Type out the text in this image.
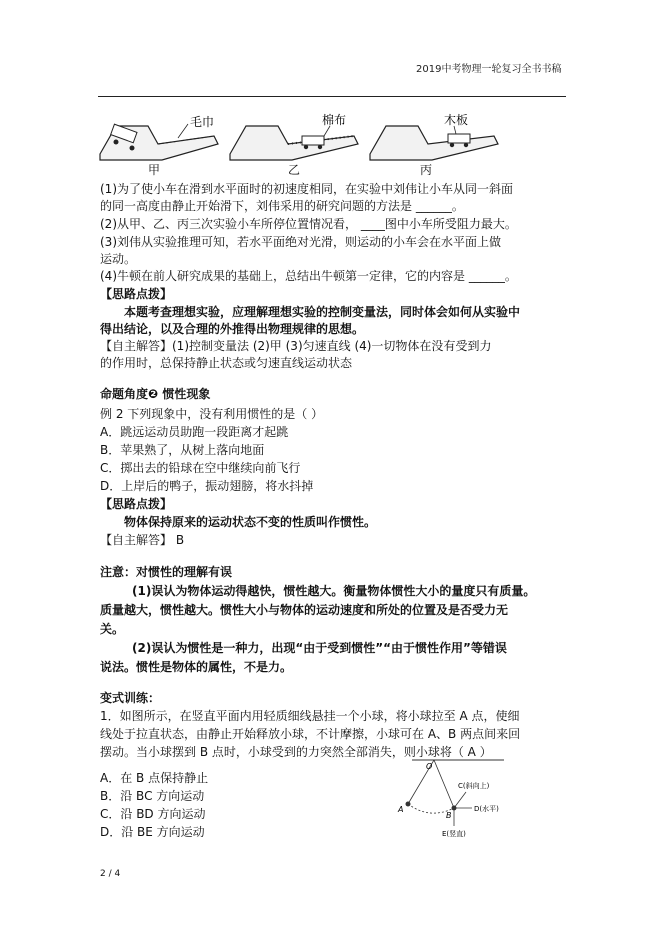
2019中考物理一轮复习全书书稿
毛巾	棉布	木板
甲	乙	丙
(1)为了使小车在滑到水平面时的初速度相同，在实验中刘伟让小车从同一斜面
的同一高度由静止开始滑下，刘伟采用的研究问题的方法是 ______。
(2)从甲、乙、丙三次实验小车所停位置情况看， ____图中小车所受阻力最大。
(3)刘伟从实验推理可知，若水平面绝对光滑，则运动的小车会在水平面上做
运动。
(4)牛顿在前人研究成果的基础上，总结出牛顿第一定律，它的内容是 ______。
【思路点拨】
本题考查理想实验，应理解理想实验的控制变量法，同时体会如何从实验中
得出结论，以及合理的外推得出物理规律的思想。
【自主解答】(1)控制变量法 (2)甲 (3)匀速直线 (4)一切物体在没有受到力
的作用时，总保持静止状态或匀速直线运动状态
命题角度❷ 惯性现象
例 2 下列现象中，没有利用惯性的是（ ）
A．跳远运动员助跑一段距离才起跳
B．苹果熟了，从树上落向地面
C．掷出去的铅球在空中继续向前飞行
D．上岸后的鸭子，振动翅膀，将水抖掉
【思路点拨】
物体保持原来的运动状态不变的性质叫作惯性。
【自主解答】 B
注意：对惯性的理解有误
(1)误认为物体运动得越快，惯性越大。衡量物体惯性大小的量度只有质量。
质量越大，惯性越大。惯性大小与物体的运动速度和所处的位置及是否受力无
关。
(2)误认为惯性是一种力，出现“由于受到惯性”“由于惯性作用”等错误
说法。惯性是物体的属性，不是力。
变式训练：
1．如图所示，在竖直平面内用轻质细线悬挂一个小球，将小球拉至 A 点，使细
线处于拉直状态，由静止开始释放小球，不计摩擦，小球可在 A、B 两点间来回
摆动。当小球摆到 B 点时，小球受到的力突然全部消失，则小球将（ A ）
A．在 B 点保持静止
B．沿 BC 方向运动
C．沿 BD 方向运动
D．沿 BE 方向运动
O
A
B
C(斜向上)
D(水平)
E(竖直)
2 / 4
